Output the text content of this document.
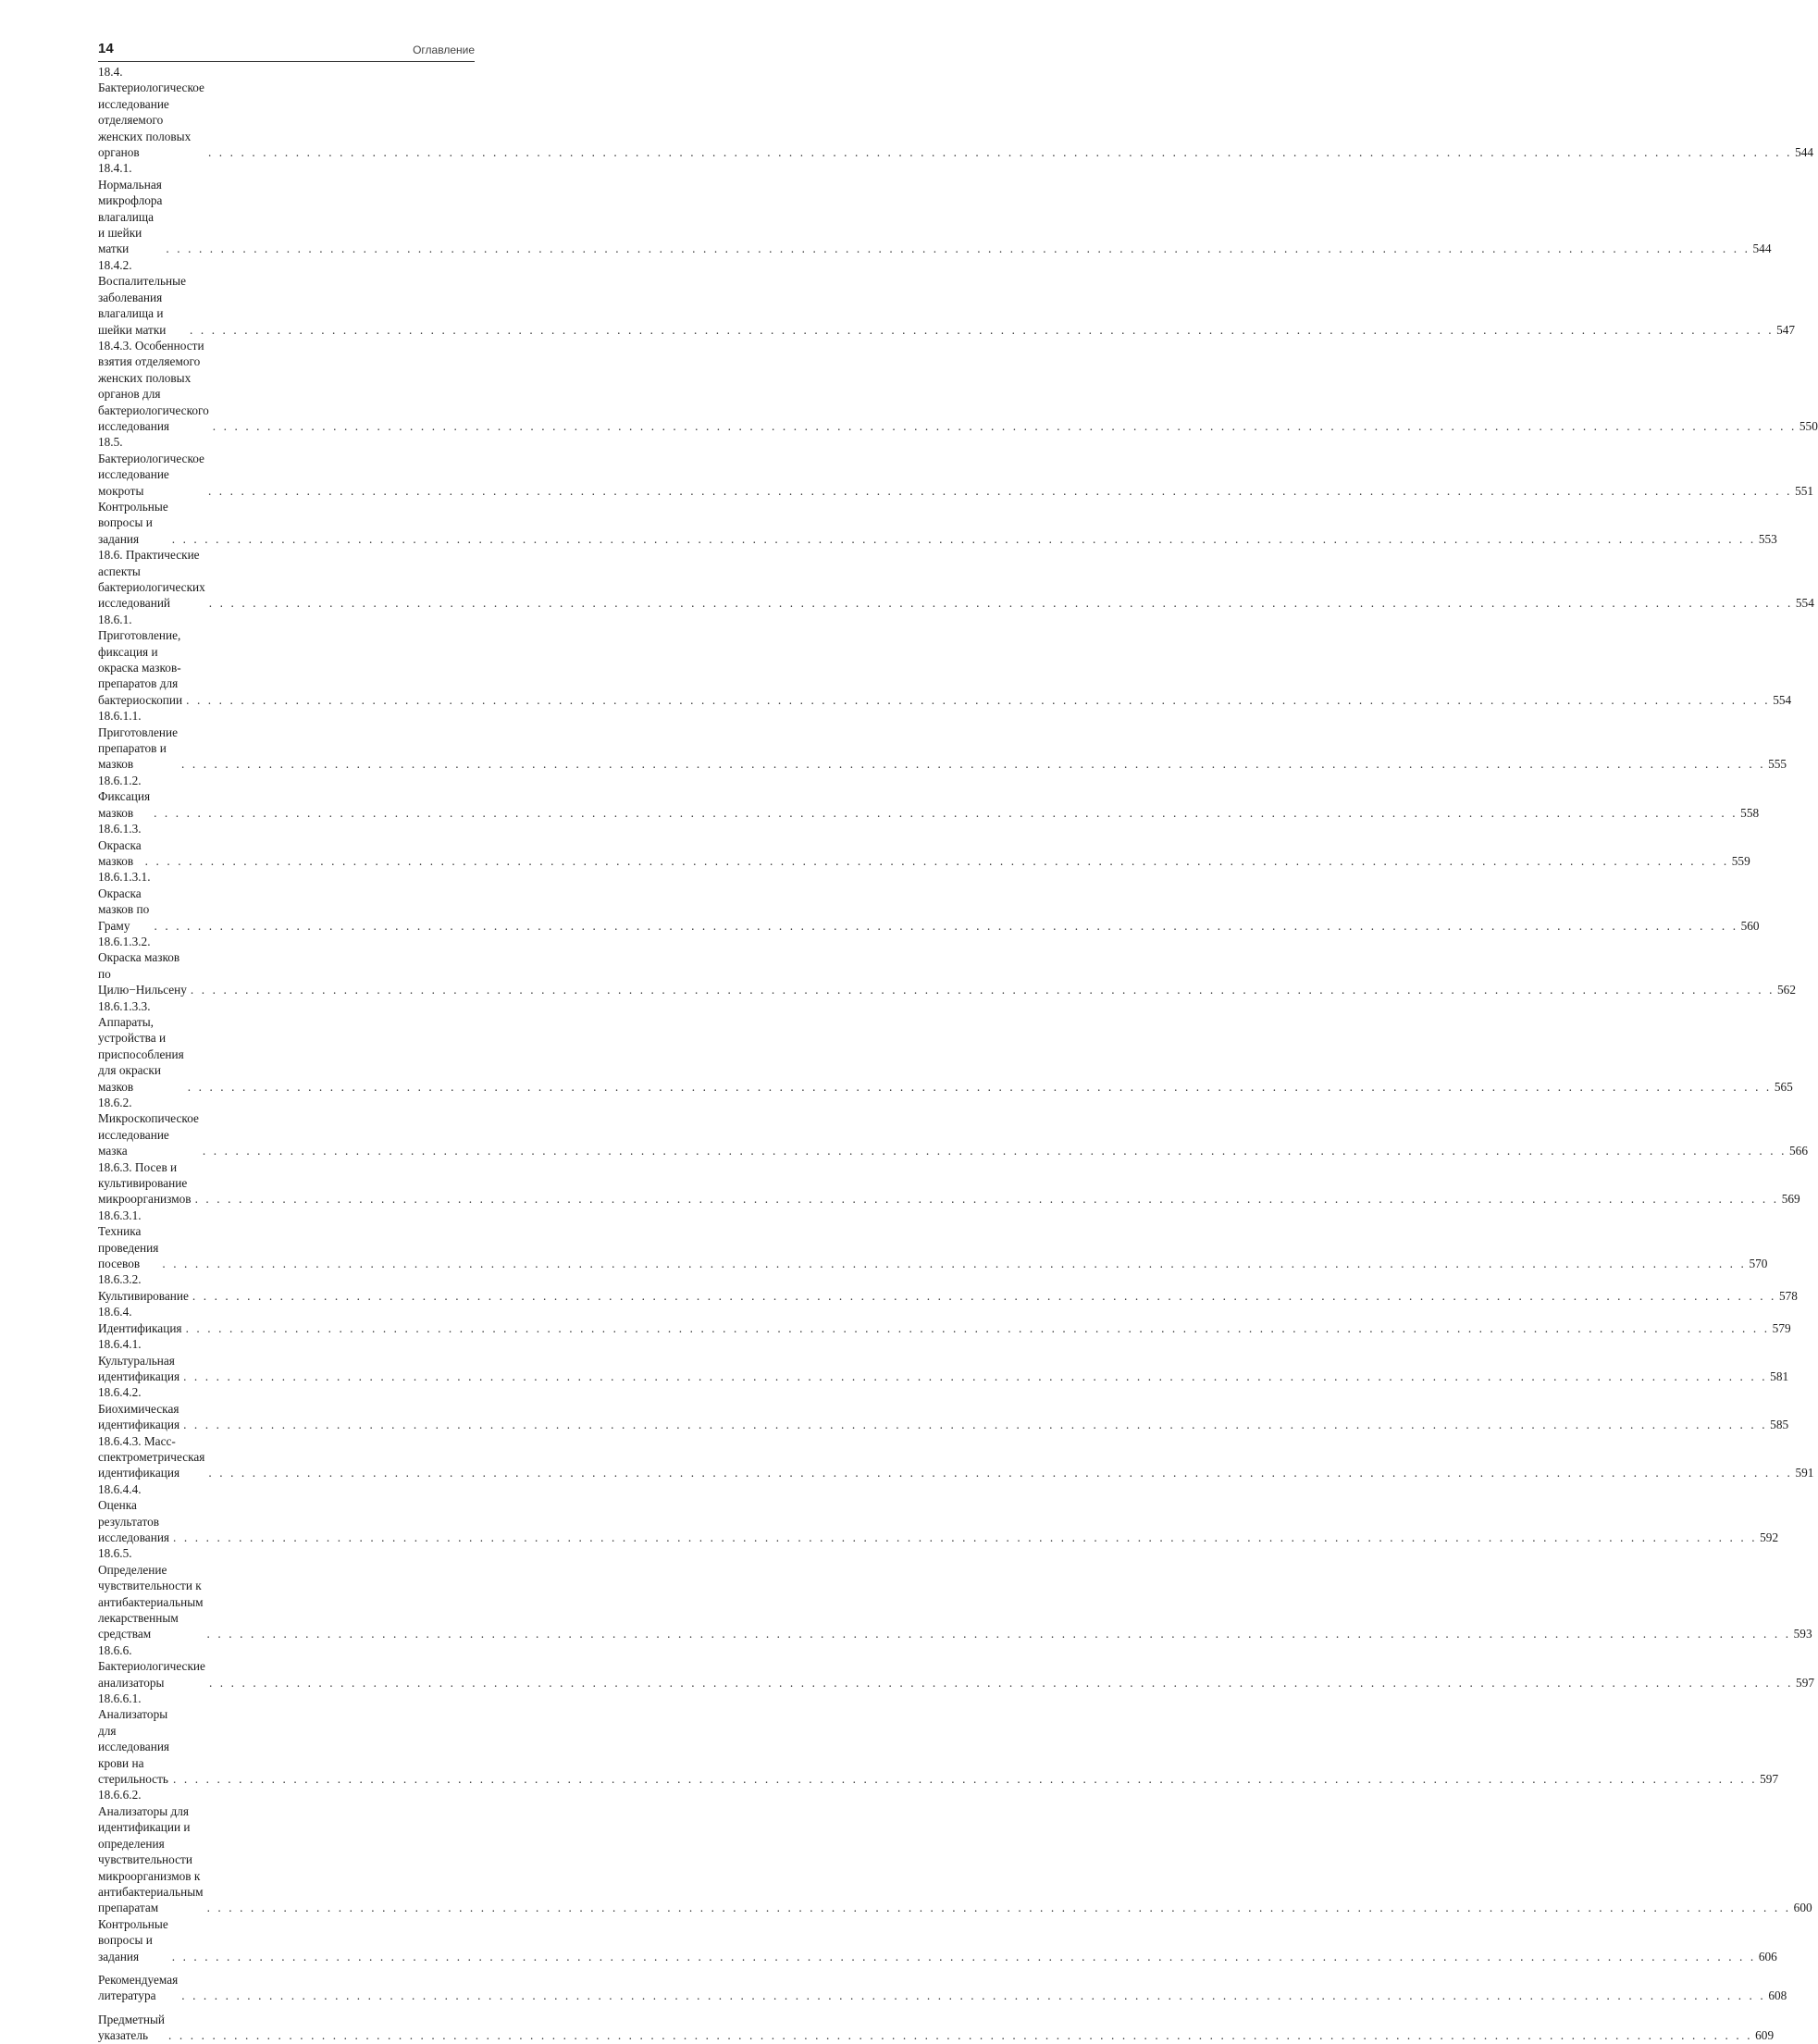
14	Оглавление
18.4. Бактериологическое исследование отделяемого женских половых органов . . .	544
18.4.1. Нормальная микрофлора влагалища и шейки матки . . .	544
18.4.2. Воспалительные заболевания влагалища и шейки матки . . .	547
18.4.3. Особенности взятия отделяемого женских половых органов для бактериологического исследования . . .	550
18.5. Бактериологическое исследование мокроты . . .	551
Контрольные вопросы и задания . . .	553
18.6. Практические аспекты бактериологических исследований . . .	554
18.6.1. Приготовление, фиксация и окраска мазков-препаратов для бактериоскопии . . .	554
18.6.1.1. Приготовление препаратов и мазков . . .	555
18.6.1.2. Фиксация мазков . . .	558
18.6.1.3. Окраска мазков . . .	559
18.6.1.3.1. Окраска мазков по Граму . . .	560
18.6.1.3.2. Окраска мазков по Цилю−Нильсену . . .	562
18.6.1.3.3. Аппараты, устройства и приспособления для окраски мазков . . .	565
18.6.2. Микроскопическое исследование мазка . . .	566
18.6.3. Посев и культивирование микроорганизмов . . .	569
18.6.3.1. Техника проведения посевов . . .	570
18.6.3.2. Культивирование . . .	578
18.6.4. Идентификация . . .	579
18.6.4.1. Культуральная идентификация . . .	581
18.6.4.2. Биохимическая идентификация . . .	585
18.6.4.3. Масс-спектрометрическая идентификация . . .	591
18.6.4.4. Оценка результатов исследования . . .	592
18.6.5. Определение чувствительности к антибактериальным лекарственным средствам . . .	593
18.6.6. Бактериологические анализаторы . . .	597
18.6.6.1. Анализаторы для исследования крови на стерильность . . .	597
18.6.6.2. Анализаторы для идентификации и определения чувствительности микроорганизмов к антибактериальным препаратам . . .	600
Контрольные вопросы и задания . . .	606
Рекомендуемая литература . . .	608
Предметный указатель . . .	609
